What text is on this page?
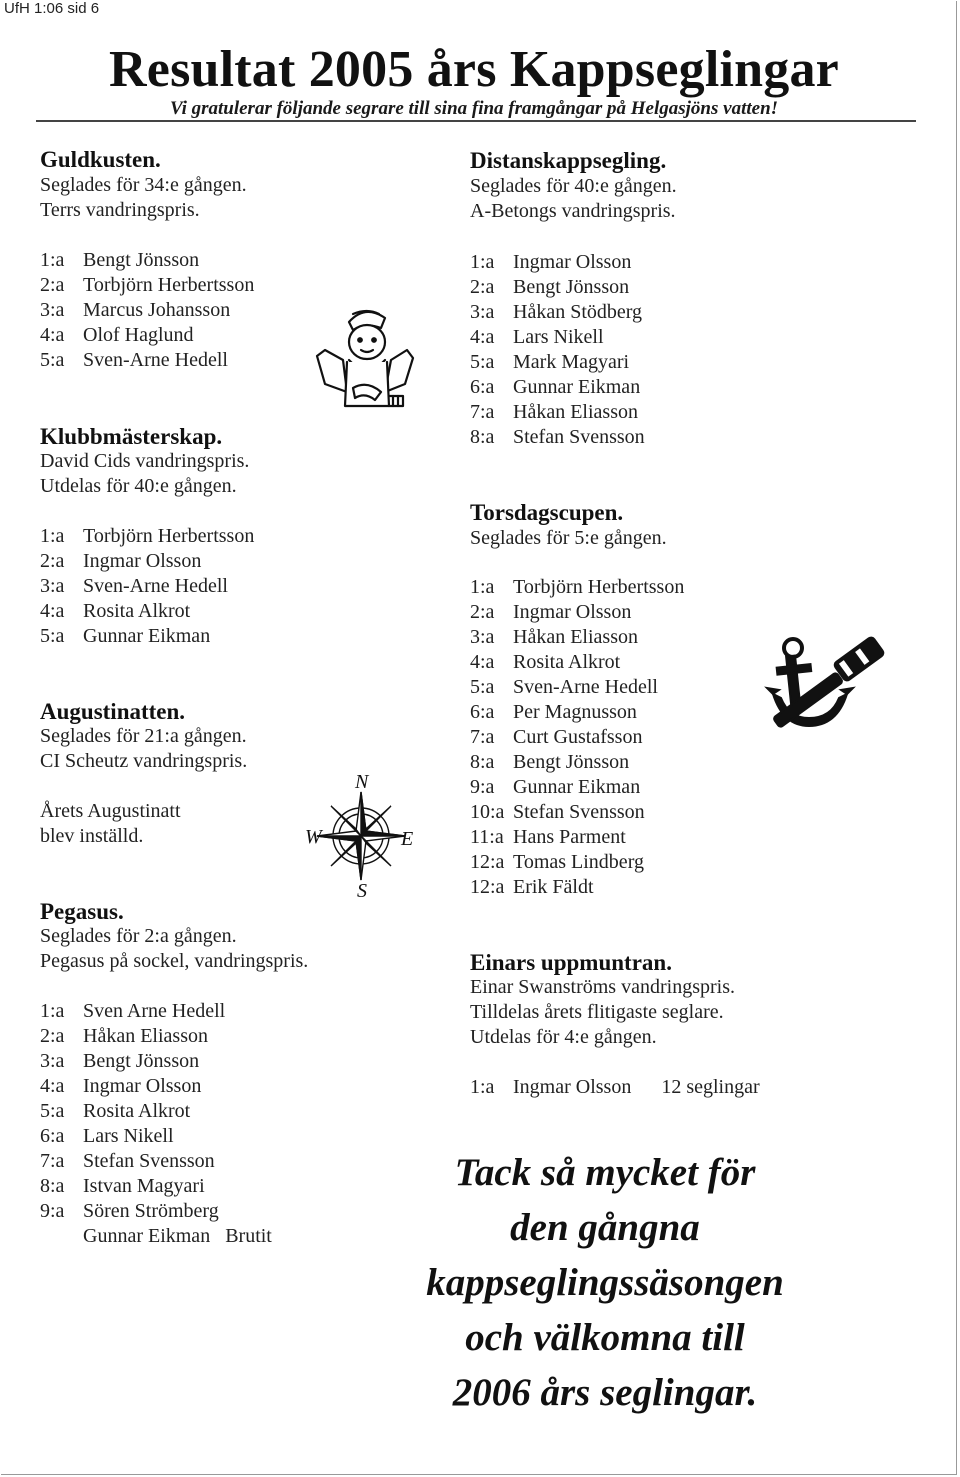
UfH 1:06 sid 6
Resultat 2005 års Kappseglingar
Vi gratulerar följande segrare till sina fina framgångar på Helgasjöns vatten!
Guldkusten.
Seglades för 34:e gången.
Terrs vandringspris.
1:a Bengt Jönsson
2:a Torbjörn Herbertsson
3:a Marcus Johansson
4:a Olof Haglund
5:a Sven-Arne Hedell
Klubbmästerskap.
David Cids vandringspris.
Utdelas för 40:e gången.
1:a Torbjörn Herbertsson
2:a Ingmar Olsson
3:a Sven-Arne Hedell
4:a Rosita Alkrot
5:a Gunnar Eikman
Augustinatten.
Seglades för 21:a gången.
CI Scheutz vandringspris.
Årets Augustinatt
blev inställd.
Pegasus.
Seglades för 2:a gången.
Pegasus på sockel, vandringspris.
1:a Sven Arne Hedell
2:a Håkan Eliasson
3:a Bengt Jönsson
4:a Ingmar Olsson
5:a Rosita Alkrot
6:a Lars Nikell
7:a Stefan Svensson
8:a Istvan Magyari
9:a Sören Strömberg
Gunnar Eikman   Brutit
Distanskappsegling.
Seglades för 40:e gången.
A-Betongs vandringspris.
1:a Ingmar Olsson
2:a Bengt Jönsson
3:a Håkan Stödberg
4:a Lars Nikell
5:a Mark Magyari
6:a Gunnar Eikman
7:a Håkan Eliasson
8:a Stefan Svensson
Torsdagscupen.
Seglades för 5:e gången.
1:a Torbjörn Herbertsson
2:a Ingmar Olsson
3:a Håkan Eliasson
4:a Rosita Alkrot
5:a Sven-Arne Hedell
6:a Per Magnusson
7:a Curt Gustafsson
8:a Bengt Jönsson
9:a Gunnar Eikman
10:a Stefan Svensson
11:a Hans Parment
12:a Tomas Lindberg
12:a Erik Fäldt
Einars uppmuntran.
Einar Swanströms vandringspris.
Tilldelas årets flitigaste seglare.
Utdelas för 4:e gången.
1:a Ingmar Olsson      12 seglingar
Tack så mycket för
den gångna
kappseglingssäsongen
och välkomna till
2006 års seglingar.
N
S
E
W
